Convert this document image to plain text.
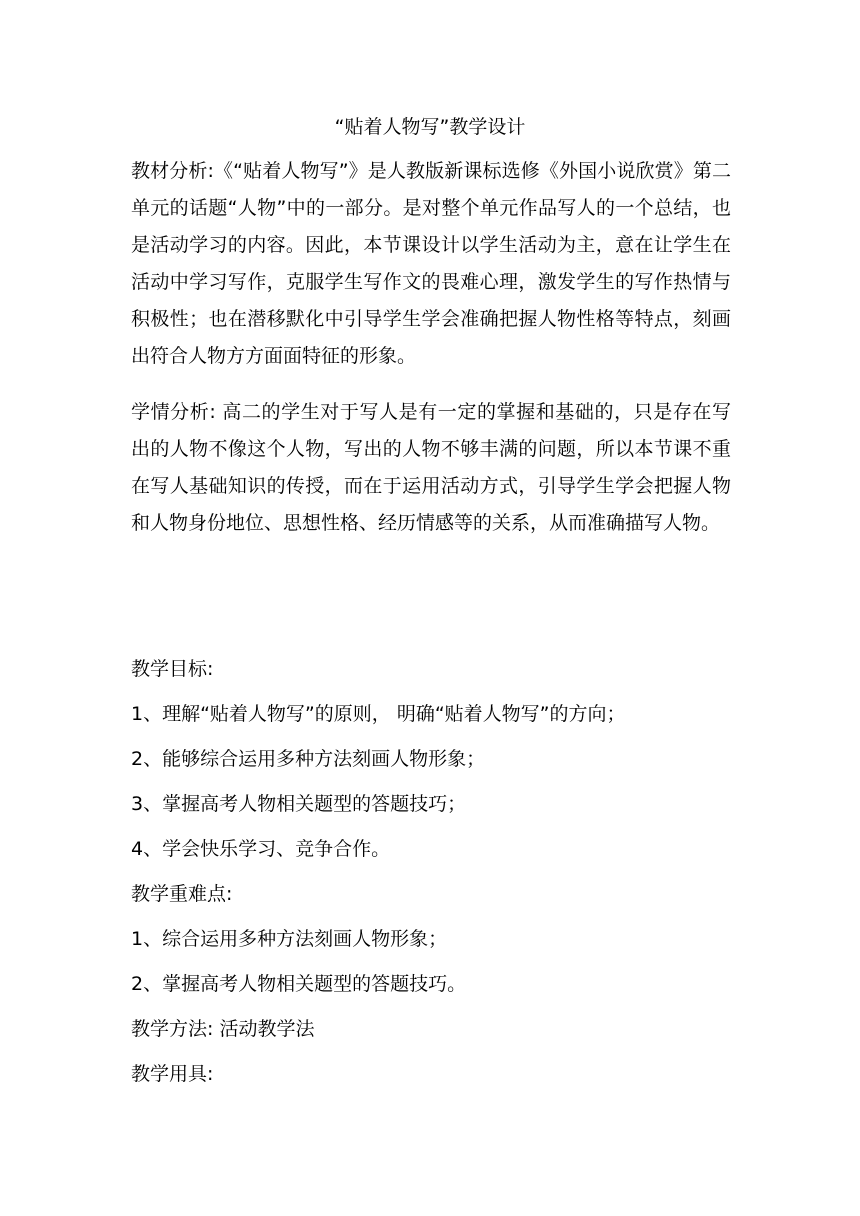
“贴着人物写”教学设计

教材分析:《“贴着人物写”》是人教版新课标选修《外国小说欣赏》第二单元的话题“人物”中的一部分。是对整个单元作品写人的一个总结，也是活动学习的内容。因此，本节课设计以学生活动为主，意在让学生在活动中学习写作，克服学生写作文的畏难心理，激发学生的写作热情与积极性；也在潜移默化中引导学生学会准确把握人物性格等特点，刻画出符合人物方方面面特征的形象。

学情分析: 高二的学生对于写人是有一定的掌握和基础的，只是存在写出的人物不像这个人物，写出的人物不够丰满的问题，所以本节课不重在写人基础知识的传授，而在于运用活动方式，引导学生学会把握人物和人物身份地位、思想性格、经历情感等的关系，从而准确描写人物。

教学目标:

1、理解“贴着人物写”的原则， 明确“贴着人物写”的方向；

2、能够综合运用多种方法刻画人物形象；

3、掌握高考人物相关题型的答题技巧；

4、学会快乐学习、竞争合作。

教学重难点:

1、综合运用多种方法刻画人物形象；

2、掌握高考人物相关题型的答题技巧。

教学方法: 活动教学法

教学用具:
